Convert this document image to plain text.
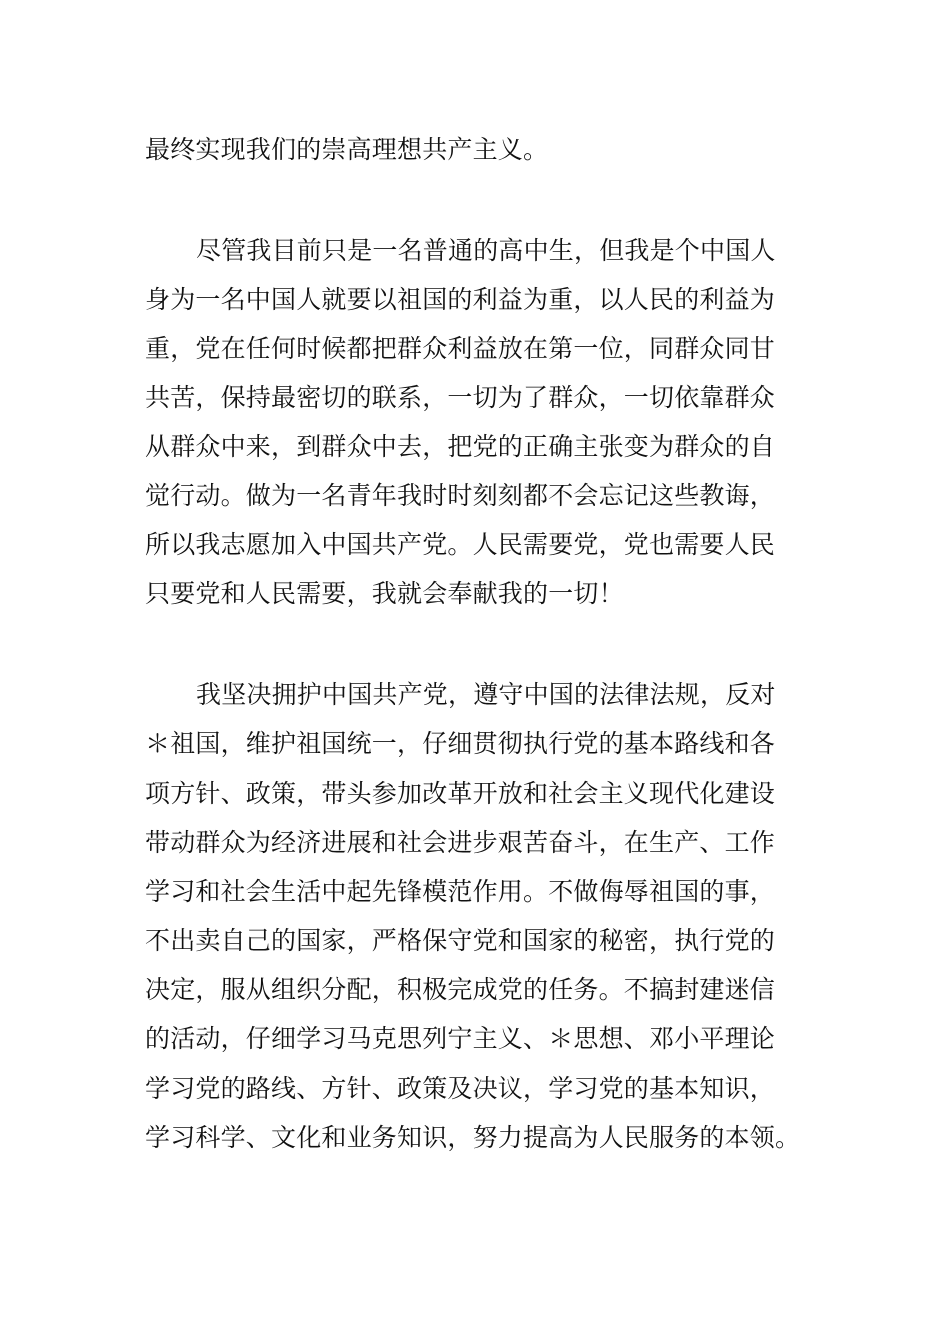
最终实现我们的崇高理想共产主义。
尽管我目前只是一名普通的高中生，但我是个中国人
身为一名中国人就要以祖国的利益为重，以人民的利益为
重，党在任何时候都把群众利益放在第一位，同群众同甘
共苦，保持最密切的联系，一切为了群众，一切依靠群众
从群众中来，到群众中去，把党的正确主张变为群众的自
觉行动。做为一名青年我时时刻刻都不会忘记这些教诲，
所以我志愿加入中国共产党。人民需要党，党也需要人民
只要党和人民需要，我就会奉献我的一切！
我坚决拥护中国共产党，遵守中国的法律法规，反对
＊祖国，维护祖国统一，仔细贯彻执行党的基本路线和各
项方针、政策，带头参加改革开放和社会主义现代化建设
带动群众为经济进展和社会进步艰苦奋斗，在生产、工作
学习和社会生活中起先锋模范作用。不做侮辱祖国的事，
不出卖自己的国家，严格保守党和国家的秘密，执行党的
决定，服从组织分配，积极完成党的任务。不搞封建迷信
的活动，仔细学习马克思列宁主义、＊思想、邓小平理论
学习党的路线、方针、政策及决议，学习党的基本知识，
学习科学、文化和业务知识，努力提高为人民服务的本领。
